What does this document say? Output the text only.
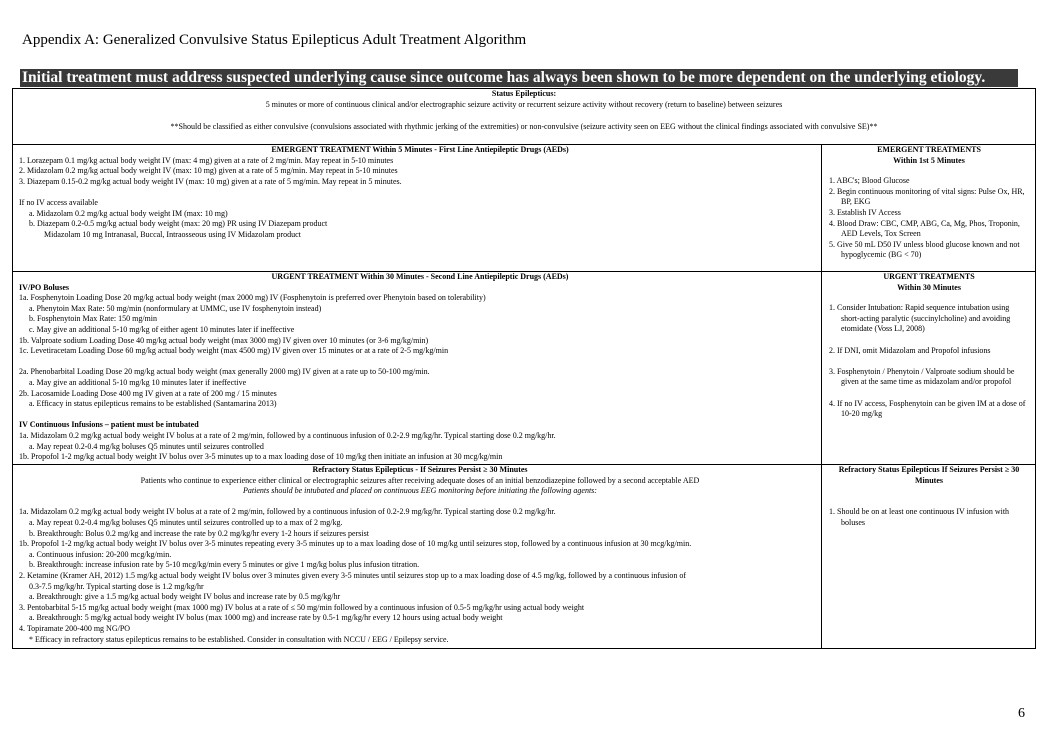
Appendix A: Generalized Convulsive Status Epilepticus Adult Treatment Algorithm
Initial treatment must address suspected underlying cause since outcome has always been shown to be more dependent on the underlying etiology.
Status Epilepticus:
5 minutes or more of continuous clinical and/or electrographic seizure activity or recurrent seizure activity without recovery (return to baseline) between seizures
**Should be classified as either convulsive (convulsions associated with rhythmic jerking of the extremities) or non-convulsive (seizure activity seen on EEG without the clinical findings associated with convulsive SE)**
EMERGENT TREATMENT Within 5 Minutes - First Line Antiepileptic Drugs (AEDs)
1. Lorazepam 0.1 mg/kg actual body weight IV (max: 4 mg) given at a rate of 2 mg/min. May repeat in 5-10 minutes
2. Midazolam 0.2 mg/kg actual body weight IV (max: 10 mg) given at a rate of 5 mg/min. May repeat in 5-10 minutes
3. Diazepam 0.15-0.2 mg/kg actual body weight IV (max: 10 mg) given at a rate of 5 mg/min. May repeat in 5 minutes.
If no IV access available
a. Midazolam 0.2 mg/kg actual body weight IM (max: 10 mg)
b. Diazepam 0.2-0.5 mg/kg actual body weight (max: 20 mg) PR using IV Diazepam product
Midazolam 10 mg Intranasal, Buccal, Intraosseous using IV Midazolam product
EMERGENT TREATMENTS
Within 1st 5 Minutes
1. ABC's; Blood Glucose
2. Begin continuous monitoring of vital signs: Pulse Ox, HR, BP, EKG
3. Establish IV Access
4. Blood Draw: CBC, CMP, ABG, Ca, Mg, Phos, Troponin, AED Levels, Tox Screen
5. Give 50 mL D50 IV unless blood glucose known and not hypoglycemic (BG < 70)
URGENT TREATMENT Within 30 Minutes - Second Line Antiepileptic Drugs (AEDs)
IV/PO Boluses
1a. Fosphenytoin Loading Dose 20 mg/kg actual body weight (max 2000 mg) IV (Fosphenytoin is preferred over Phenytoin based on tolerability)
a. Phenytoin Max Rate: 50 mg/min (nonformulary at UMMC, use IV fosphenytoin instead)
b. Fosphenytoin Max Rate: 150 mg/min
c. May give an additional 5-10 mg/kg of either agent 10 minutes later if ineffective
1b. Valproate sodium Loading Dose 40 mg/kg actual body weight (max 3000 mg) IV given over 10 minutes (or 3-6 mg/kg/min)
1c. Levetiracetam Loading Dose 60 mg/kg actual body weight (max 4500 mg) IV given over 15 minutes or at a rate of 2-5 mg/kg/min
2a. Phenobarbital Loading Dose 20 mg/kg actual body weight (max generally 2000 mg) IV given at a rate up to 50-100 mg/min.
a. May give an additional 5-10 mg/kg 10 minutes later if ineffective
2b. Lacosamide Loading Dose 400 mg IV given at a rate of 200 mg / 15 minutes
a. Efficacy in status epilepticus remains to be established (Santamarina 2013)
IV Continuous Infusions – patient must be intubated
1a. Midazolam 0.2 mg/kg actual body weight IV bolus at a rate of 2 mg/min, followed by a continuous infusion of 0.2-2.9 mg/kg/hr. Typical starting dose 0.2 mg/kg/hr.
a. May repeat 0.2-0.4 mg/kg boluses Q5 minutes until seizures controlled
1b. Propofol 1-2 mg/kg actual body weight IV bolus over 3-5 minutes up to a max loading dose of 10 mg/kg then initiate an infusion at 30 mcg/kg/min
URGENT TREATMENTS
Within 30 Minutes
1. Consider Intubation: Rapid sequence intubation using short-acting paralytic (succinylcholine) and avoiding etomidate (Voss LJ, 2008)
2. If DNI, omit Midazolam and Propofol infusions
3. Fosphenytoin / Phenytoin / Valproate sodium should be given at the same time as midazolam and/or propofol
4. If no IV access, Fosphenytoin can be given IM at a dose of 10-20 mg/kg
Refractory Status Epilepticus - If Seizures Persist ≥ 30 Minutes
Patients who continue to experience either clinical or electrographic seizures after receiving adequate doses of an initial benzodiazepine followed by a second acceptable AED
Patients should be intubated and placed on continuous EEG monitoring before initiating the following agents:
1a. Midazolam 0.2 mg/kg actual body weight IV bolus at a rate of 2 mg/min, followed by a continuous infusion of 0.2-2.9 mg/kg/hr. Typical starting dose 0.2 mg/kg/hr.
a. May repeat 0.2-0.4 mg/kg boluses Q5 minutes until seizures controlled up to a max of 2 mg/kg.
b. Breakthrough: Bolus 0.2 mg/kg and increase the rate by 0.2 mg/kg/hr every 1-2 hours if seizures persist
1b. Propofol 1-2 mg/kg actual body weight IV bolus over 3-5 minutes repeating every 3-5 minutes up to a max loading dose of 10 mg/kg until seizures stop, followed by a continuous infusion at 30 mcg/kg/min.
a. Continuous infusion: 20-200 mcg/kg/min.
b. Breakthrough: increase infusion rate by 5-10 mcg/kg/min every 5 minutes or give 1 mg/kg bolus plus infusion titration.
2. Ketamine (Kramer AH, 2012) 1.5 mg/kg actual body weight IV bolus over 3 minutes given every 3-5 minutes until seizures stop up to a max loading dose of 4.5 mg/kg, followed by a continuous infusion of
0.3-7.5 mg/kg/hr. Typical starting dose is 1.2 mg/kg/hr
a. Breakthrough: give a 1.5 mg/kg actual body weight IV bolus and increase rate by 0.5 mg/kg/hr
3. Pentobarbital 5-15 mg/kg actual body weight (max 1000 mg) IV bolus at a rate of ≤ 50 mg/min followed by a continuous infusion of 0.5-5 mg/kg/hr using actual body weight
a. Breakthrough: 5 mg/kg actual body weight IV bolus (max 1000 mg) and increase rate by 0.5-1 mg/kg/hr every 12 hours using actual body weight
4. Topiramate 200-400 mg NG/PO
* Efficacy in refractory status epilepticus remains to be established. Consider in consultation with NCCU / EEG / Epilepsy service.
Refractory Status Epilepticus If Seizures Persist ≥ 30 Minutes
1. Should be on at least one continuous IV infusion with boluses
6
